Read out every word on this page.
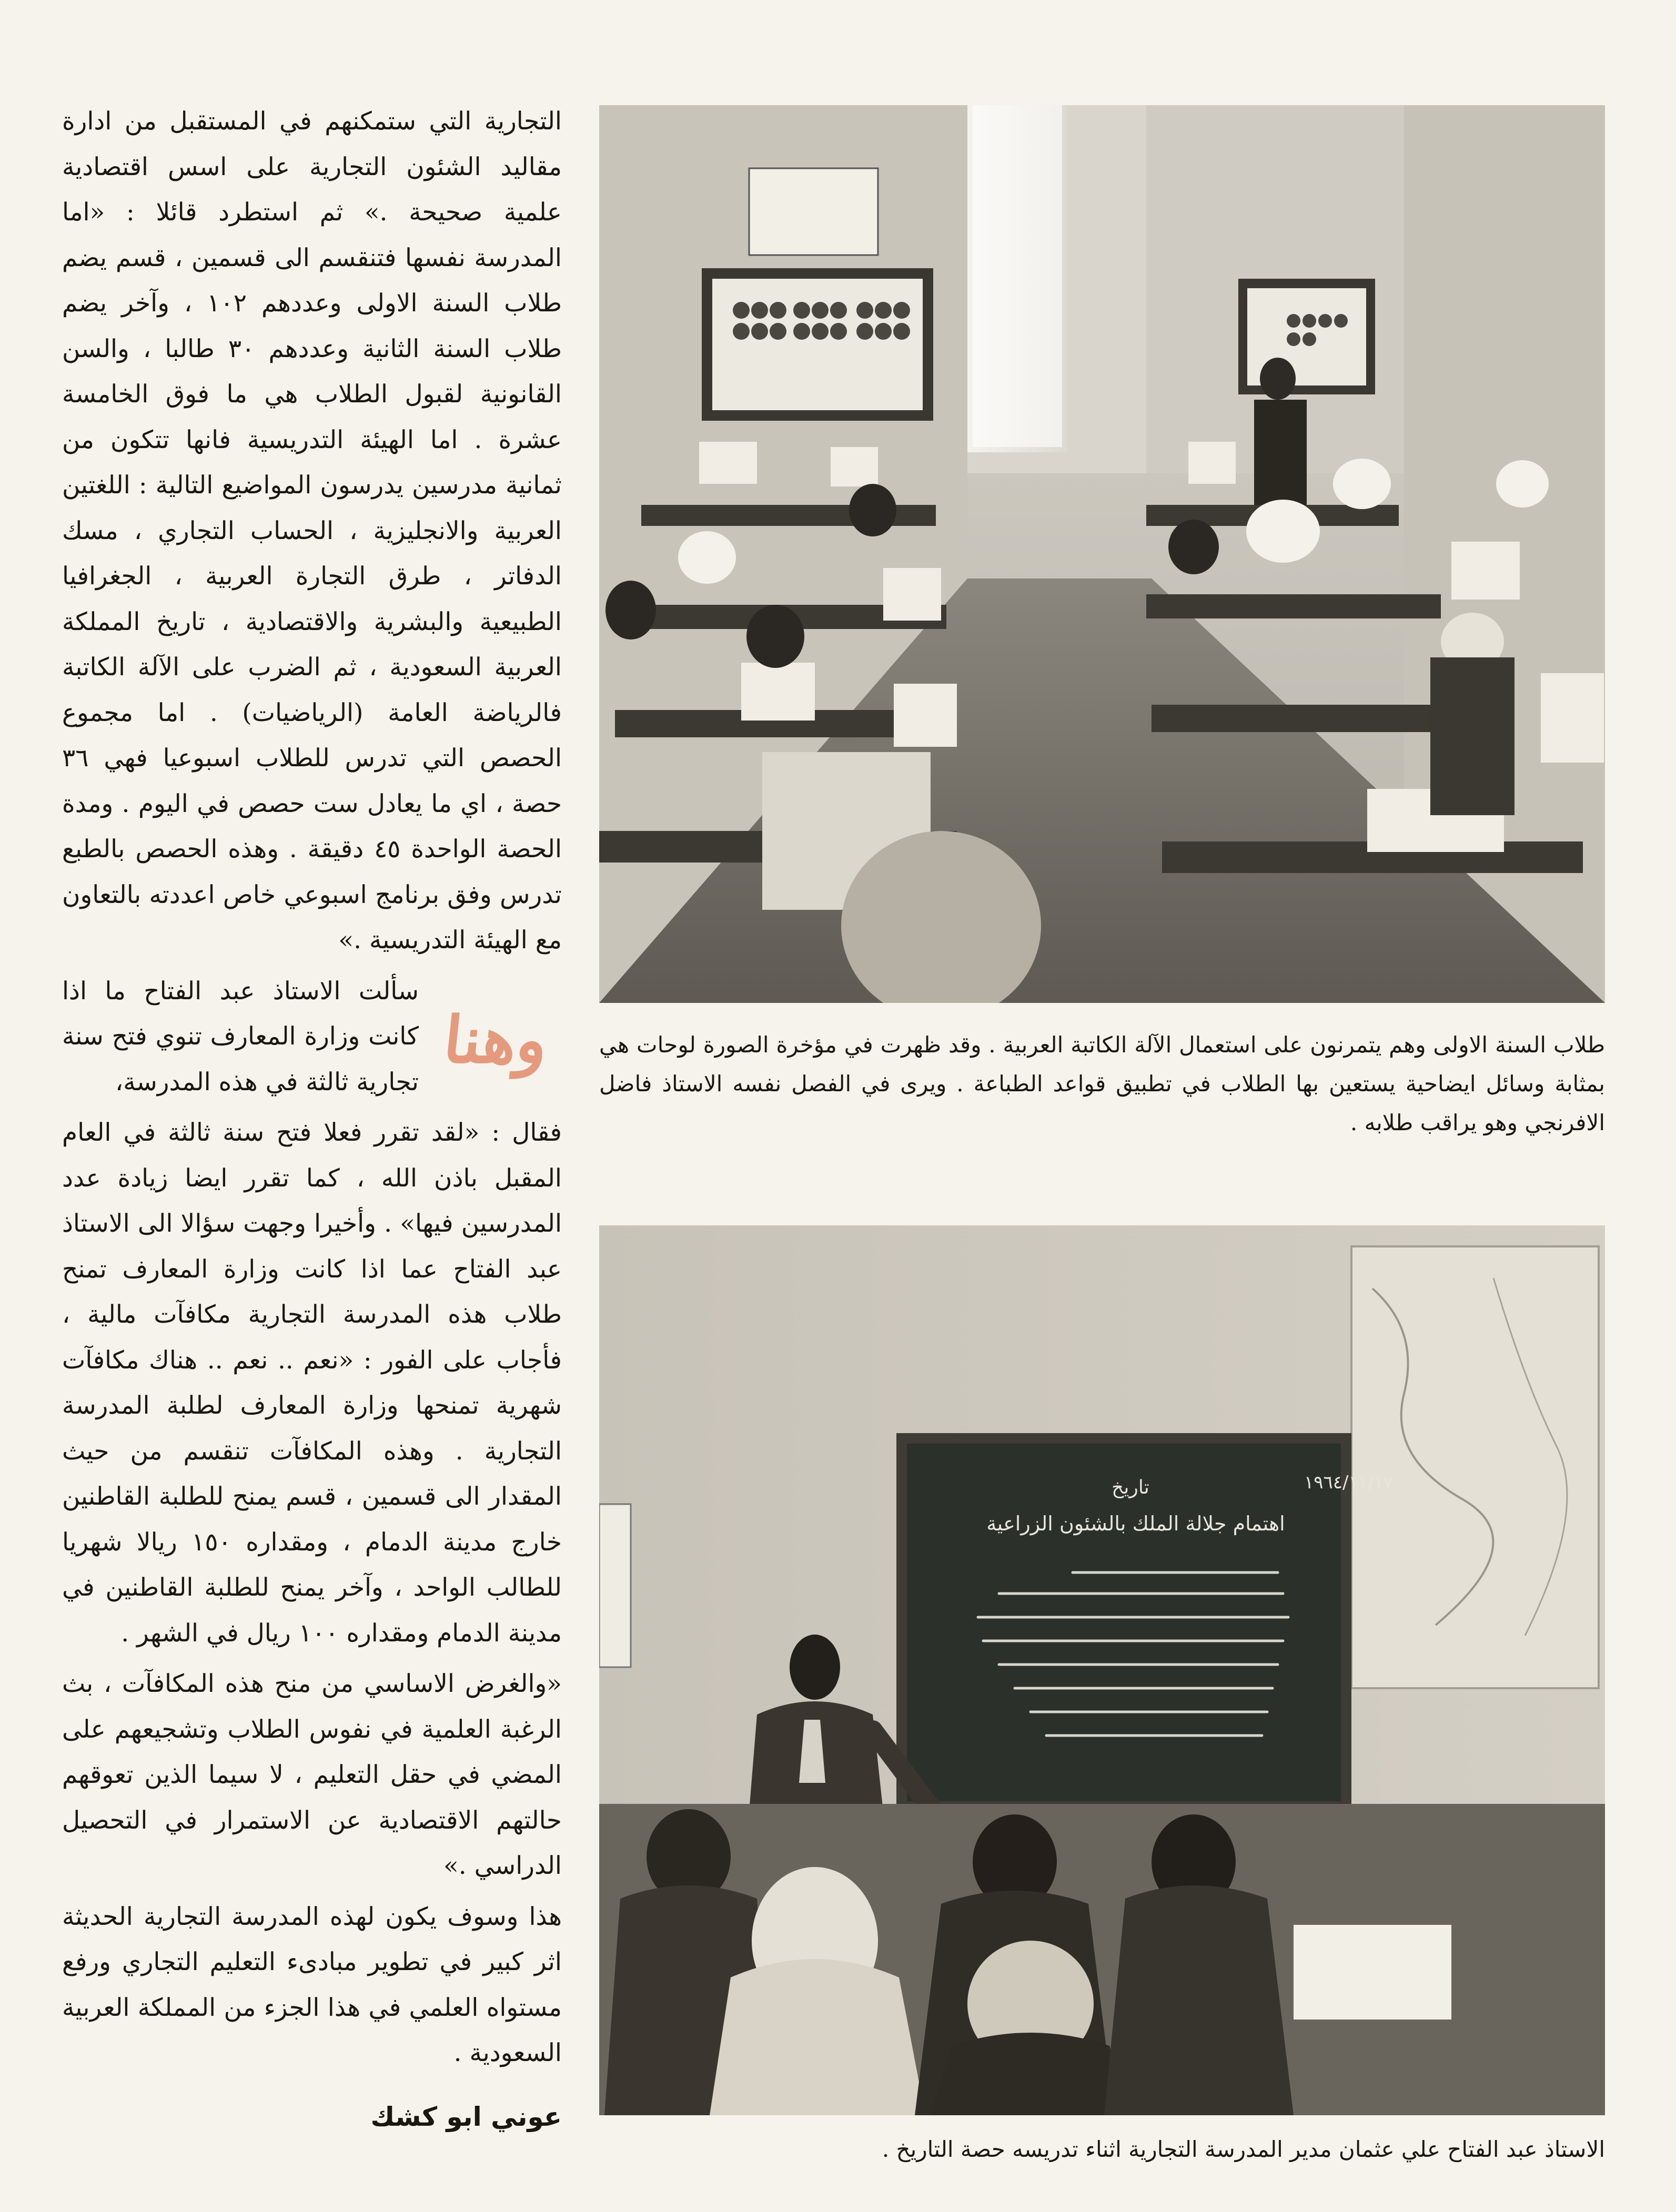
التجارية التي ستمكنهم في المستقبل من ادارة مقاليد الشئون التجارية على اسس اقتصادية علمية صحيحة .» ثم استطرد قائلا : «اما المدرسة نفسها فتنقسم الى قسمين ، قسم يضم طلاب السنة الاولى وعددهم ١٠٢ ، وآخر يضم طلاب السنة الثانية وعددهم ٣٠ طالبا ، والسن القانونية لقبول الطلاب هي ما فوق الخامسة عشرة . اما الهيئة التدريسية فانها تتكون من ثمانية مدرسين يدرسون المواضيع التالية : اللغتين العربية والانجليزية ، الحساب التجاري ، مسك الدفاتر ، طرق التجارة العربية ، الجغرافيا الطبيعية والبشرية والاقتصادية ، تاريخ المملكة العربية السعودية ، ثم الضرب على الآلة الكاتبة فالرياضة العامة (الرياضيات) . اما مجموع الحصص التي تدرس للطلاب اسبوعيا فهي ٣٦ حصة ، اي ما يعادل ست حصص في اليوم . ومدة الحصة الواحدة ٤٥ دقيقة . وهذه الحصص بالطبع تدرس وفق برنامج اسبوعي خاص اعددته بالتعاون مع الهيئة التدريسية .»

وهنا

سألت الاستاذ عبد الفتاح ما اذا كانت وزارة المعارف تنوي فتح سنة تجارية ثالثة في هذه المدرسة،

فقال : «لقد تقرر فعلا فتح سنة ثالثة في العام المقبل باذن الله ، كما تقرر ايضا زيادة عدد المدرسين فيها» . وأخيرا وجهت سؤالا الى الاستاذ عبد الفتاح عما اذا كانت وزارة المعارف تمنح طلاب هذه المدرسة التجارية مكافآت مالية ، فأجاب على الفور : «نعم .. نعم .. هناك مكافآت شهرية تمنحها وزارة المعارف لطلبة المدرسة التجارية . وهذه المكافآت تنقسم من حيث المقدار الى قسمين ، قسم يمنح للطلبة القاطنين خارج مدينة الدمام ، ومقداره ١٥٠ ريالا شهريا للطالب الواحد ، وآخر يمنح للطلبة القاطنين في مدينة الدمام ومقداره ١٠٠ ريال في الشهر .

«والغرض الاساسي من منح هذه المكافآت ، بث الرغبة العلمية في نفوس الطلاب وتشجيعهم على المضي في حقل التعليم ، لا سيما الذين تعوقهم حالتهم الاقتصادية عن الاستمرار في التحصيل الدراسي .»

هذا وسوف يكون لهذه المدرسة التجارية الحديثة اثر كبير في تطوير مبادىء التعليم التجاري ورفع مستواه العلمي في هذا الجزء من المملكة العربية السعودية .

عوني ابو كشك
طلاب السنة الاولى وهم يتمرنون على استعمال الآلة الكاتبة العربية . وقد ظهرت في مؤخرة الصورة لوحات هي بمثابة وسائل ايضاحية يستعين بها الطلاب في تطبيق قواعد الطباعة . ويرى في الفصل نفسه الاستاذ فاضل الافرنجي وهو يراقب طلابه .
١٩٦٤/١١/١٧
تاريخ
اهتمام جلالة الملك بالشئون الزراعية
الاستاذ عبد الفتاح علي عثمان مدير المدرسة التجارية اثناء تدريسه حصة التاريخ .
